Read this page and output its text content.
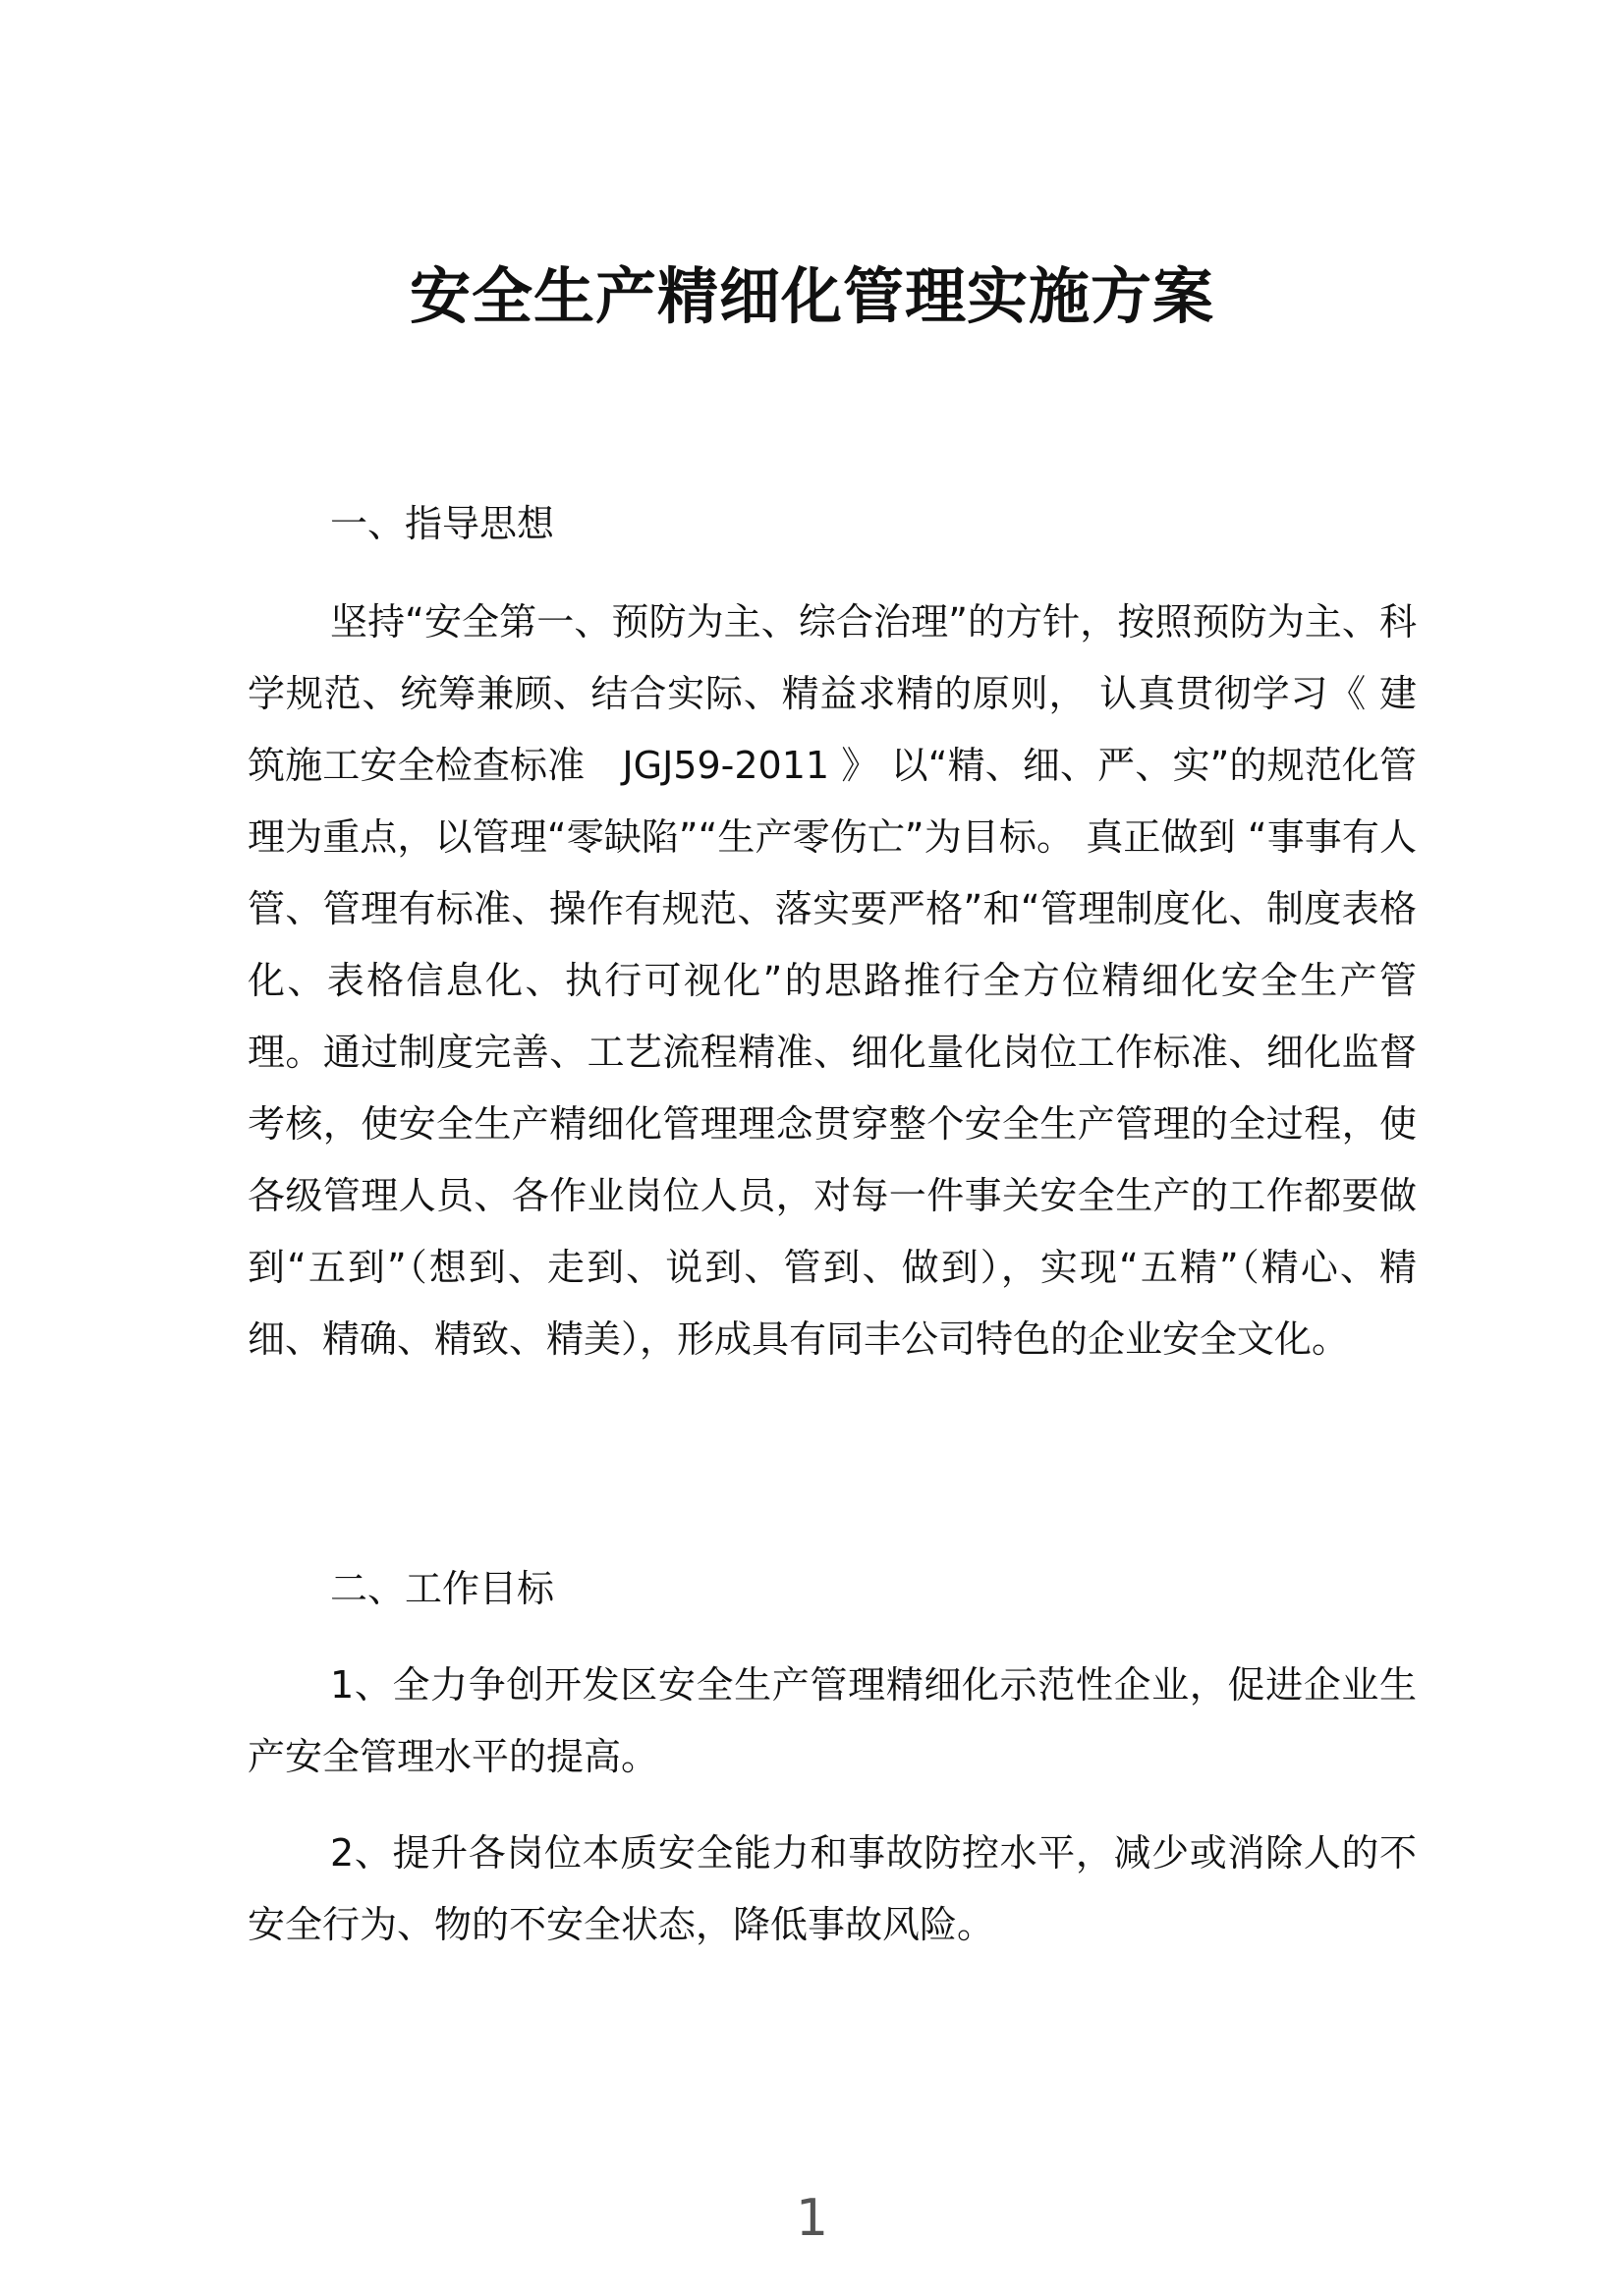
安全生产精细化管理实施方案

一、指导思想

坚持“安全第一、预防为主、综合治理”的方针，按照预防为主、科学规范、统筹兼顾、结合实际、精益求精的原则， 认真贯彻学习《 建筑施工安全检查标准　JGJ59-2011 》 以“精、细、严、实”的规范化管理为重点，以管理“零缺陷”“生产零伤亡”为目标。 真正做到 “事事有人管、管理有标准、操作有规范、落实要严格”和“管理制度化、制度表格化、表格信息化、执行可视化”的思路推行全方位精细化安全生产管理。通过制度完善、工艺流程精准、细化量化岗位工作标准、细化监督考核，使安全生产精细化管理理念贯穿整个安全生产管理的全过程，使各级管理人员、各作业岗位人员，对每一件事关安全生产的工作都要做到“五到”（想到、走到、说到、管到、做到），实现“五精”（精心、精细、精确、精致、精美），形成具有同丰公司特色的企业安全文化。

二、工作目标

1、全力争创开发区安全生产管理精细化示范性企业，促进企业生产安全管理水平的提高。

2、提升各岗位本质安全能力和事故防控水平，减少或消除人的不安全行为、物的不安全状态，降低事故风险。

1
